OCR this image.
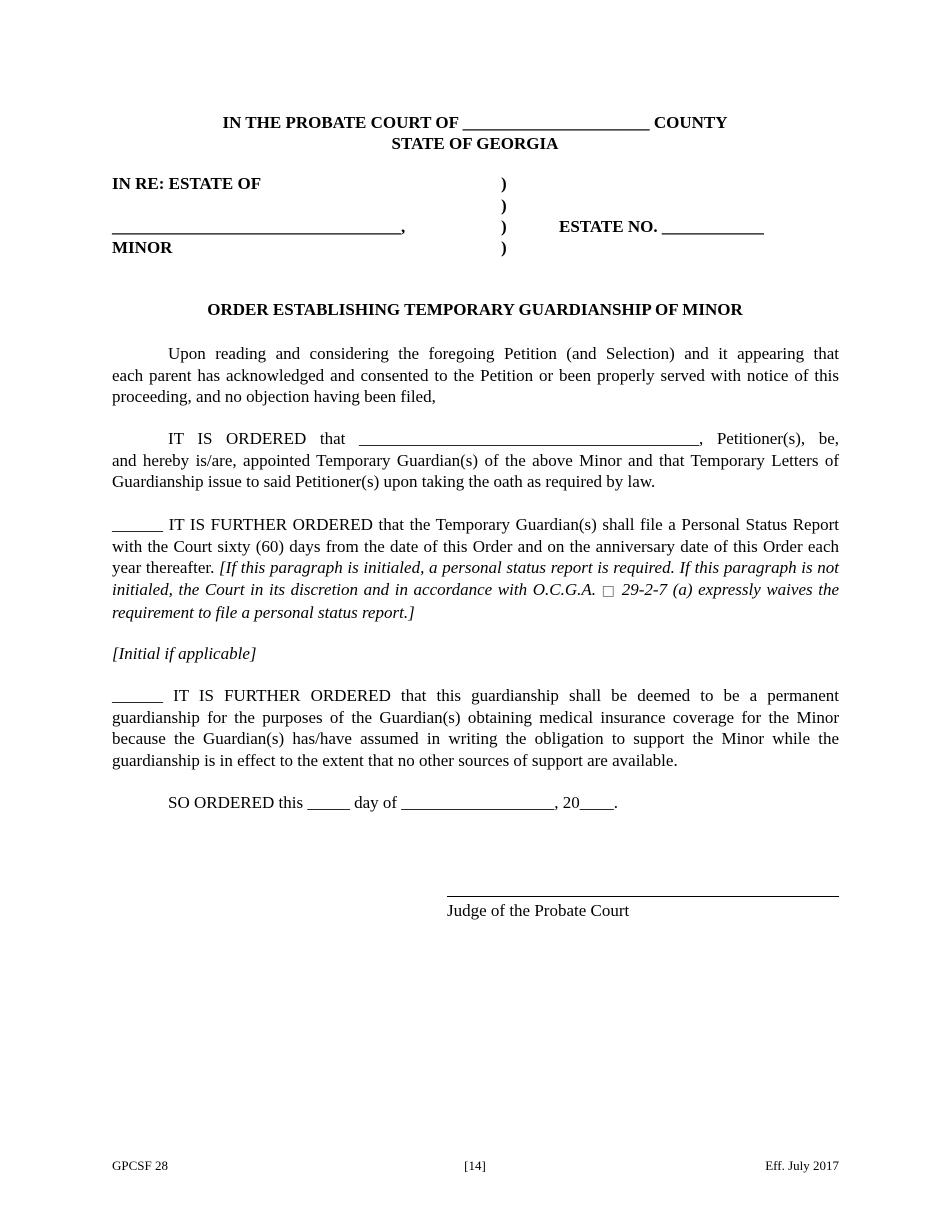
IN THE PROBATE COURT OF ______________________ COUNTY
STATE OF GEORGIA
IN RE: ESTATE OF
__________________________________,
MINOR
)
)
)
)
ESTATE NO. ____________
ORDER ESTABLISHING TEMPORARY GUARDIANSHIP OF MINOR
Upon reading and considering the foregoing Petition (and Selection) and it appearing that
each parent has acknowledged and consented to the Petition or been properly served with notice of this proceeding, and no objection having been filed,
IT IS ORDERED that ________________________________________, Petitioner(s), be,
and hereby is/are, appointed Temporary Guardian(s) of the above Minor and that Temporary Letters of Guardianship issue to said Petitioner(s) upon taking the oath as required by law.
______ IT IS FURTHER ORDERED that the Temporary Guardian(s) shall file a Personal Status Report with the Court sixty (60) days from the date of this Order and on the anniversary date of this Order each year thereafter. [If this paragraph is initialed, a personal status report is required. If this paragraph is not initialed, the Court in its discretion and in accordance with O.C.G.A. □ 29-2-7 (a) expressly waives the requirement to file a personal status report.]
[Initial if applicable]
______ IT IS FURTHER ORDERED that this guardianship shall be deemed to be a permanent guardianship for the purposes of the Guardian(s) obtaining medical insurance coverage for the Minor because the Guardian(s) has/have assumed in writing the obligation to support the Minor while the guardianship is in effect to the extent that no other sources of support are available.
SO ORDERED this _____ day of __________________, 20____.
Judge of the Probate Court
GPCSF 28	[14]	Eff. July 2017
